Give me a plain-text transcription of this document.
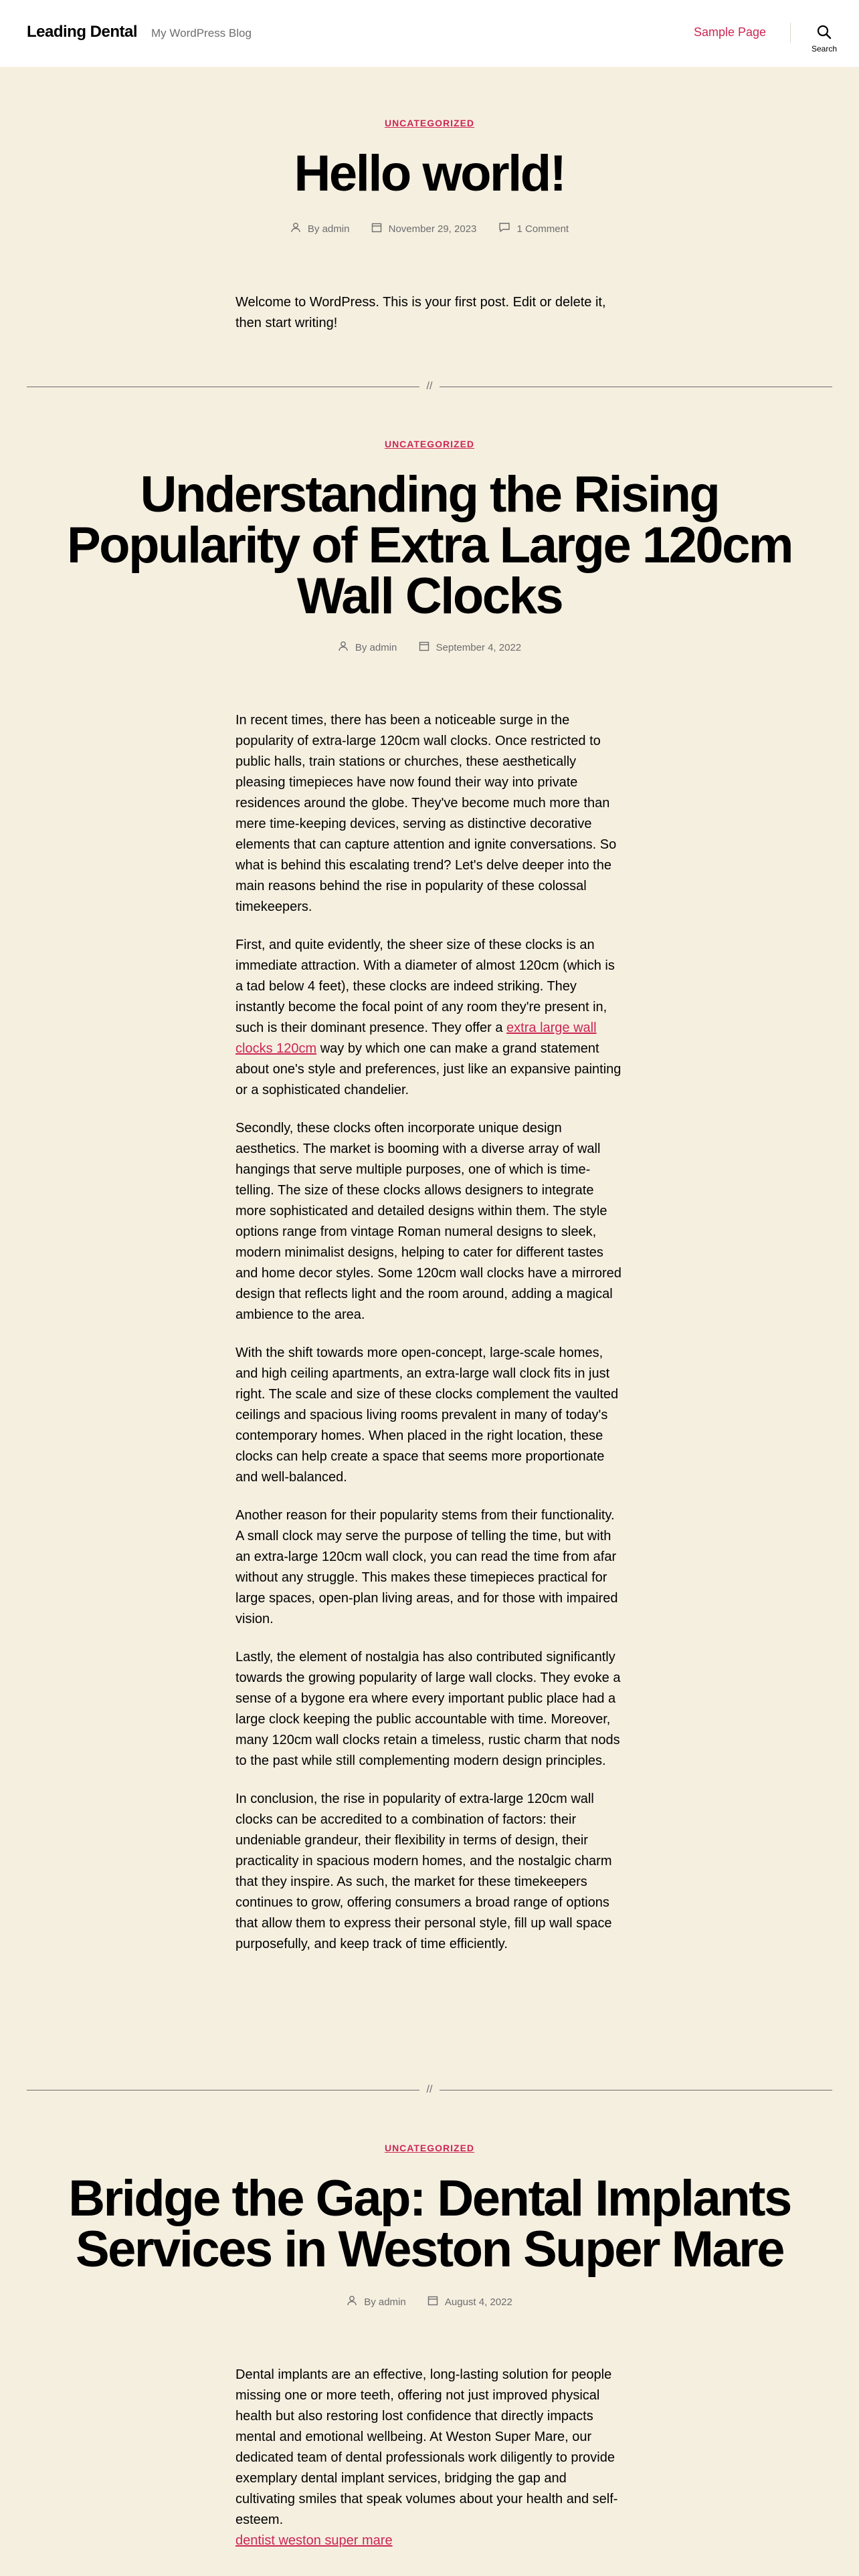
Leading Dental My WordPress Blog	Sample Page
Search
UNCATEGORIZED
Hello world!
By admin
	November 29, 2023
	1 Comment

Welcome to WordPress. This is your first post. Edit or delete it, then start writing!

//
UNCATEGORIZED
Understanding the Rising
Popularity of Extra Large 120cm
Wall Clocks
By admin
	September 4, 2022

In recent times, there has been a noticeable surge in the popularity of extra-large 120cm wall clocks. Once restricted to public halls, train stations or churches, these aesthetically pleasing timepieces have now found their way into private residences around the globe. They've become much more than mere time-keeping devices, serving as distinctive decorative elements that can capture attention and ignite conversations. So what is behind this escalating trend? Let's delve deeper into the main reasons behind the rise in popularity of these colossal timekeepers.

First, and quite evidently, the sheer size of these clocks is an immediate attraction. With a diameter of almost 120cm (which is a tad below 4 feet), these clocks are indeed striking. They instantly become the focal point of any room they're present in, such is their dominant presence. They offer a extra large wall clocks 120cm way by which one can make a grand statement about one's style and preferences, just like an expansive painting or a sophisticated chandelier.

Secondly, these clocks often incorporate unique design aesthetics. The market is booming with a diverse array of wall hangings that serve multiple purposes, one of which is time-telling. The size of these clocks allows designers to integrate more sophisticated and detailed designs within them. The style options range from vintage Roman numeral designs to sleek, modern minimalist designs, helping to cater for different tastes and home decor styles. Some 120cm wall clocks have a mirrored design that reflects light and the room around, adding a magical ambience to the area.

With the shift towards more open-concept, large-scale homes, and high ceiling apartments, an extra-large wall clock fits in just right. The scale and size of these clocks complement the vaulted ceilings and spacious living rooms prevalent in many of today's contemporary homes. When placed in the right location, these clocks can help create a space that seems more proportionate and well-balanced.

Another reason for their popularity stems from their functionality. A small clock may serve the purpose of telling the time, but with an extra-large 120cm wall clock, you can read the time from afar without any struggle. This makes these timepieces practical for large spaces, open-plan living areas, and for those with impaired vision.

Lastly, the element of nostalgia has also contributed significantly towards the growing popularity of large wall clocks. They evoke a sense of a bygone era where every important public place had a large clock keeping the public accountable with time. Moreover, many 120cm wall clocks retain a timeless, rustic charm that nods to the past while still complementing modern design principles.

In conclusion, the rise in popularity of extra-large 120cm wall clocks can be accredited to a combination of factors: their undeniable grandeur, their flexibility in terms of design, their practicality in spacious modern homes, and the nostalgic charm that they inspire. As such, the market for these timekeepers continues to grow, offering consumers a broad range of options that allow them to express their personal style, fill up wall space purposefully, and keep track of time efficiently.

//
UNCATEGORIZED
Bridge the Gap: Dental Implants
Services in Weston Super Mare
By admin
	August 4, 2022

Dental implants are an effective, long-lasting solution for people missing one or more teeth, offering not just improved physical health but also restoring lost confidence that directly impacts mental and emotional wellbeing. At Weston Super Mare, our dedicated team of dental professionals work diligently to provide exemplary dental implant services, bridging the gap and cultivating smiles that speak volumes about your health and self-esteem.
dentist weston super mare
